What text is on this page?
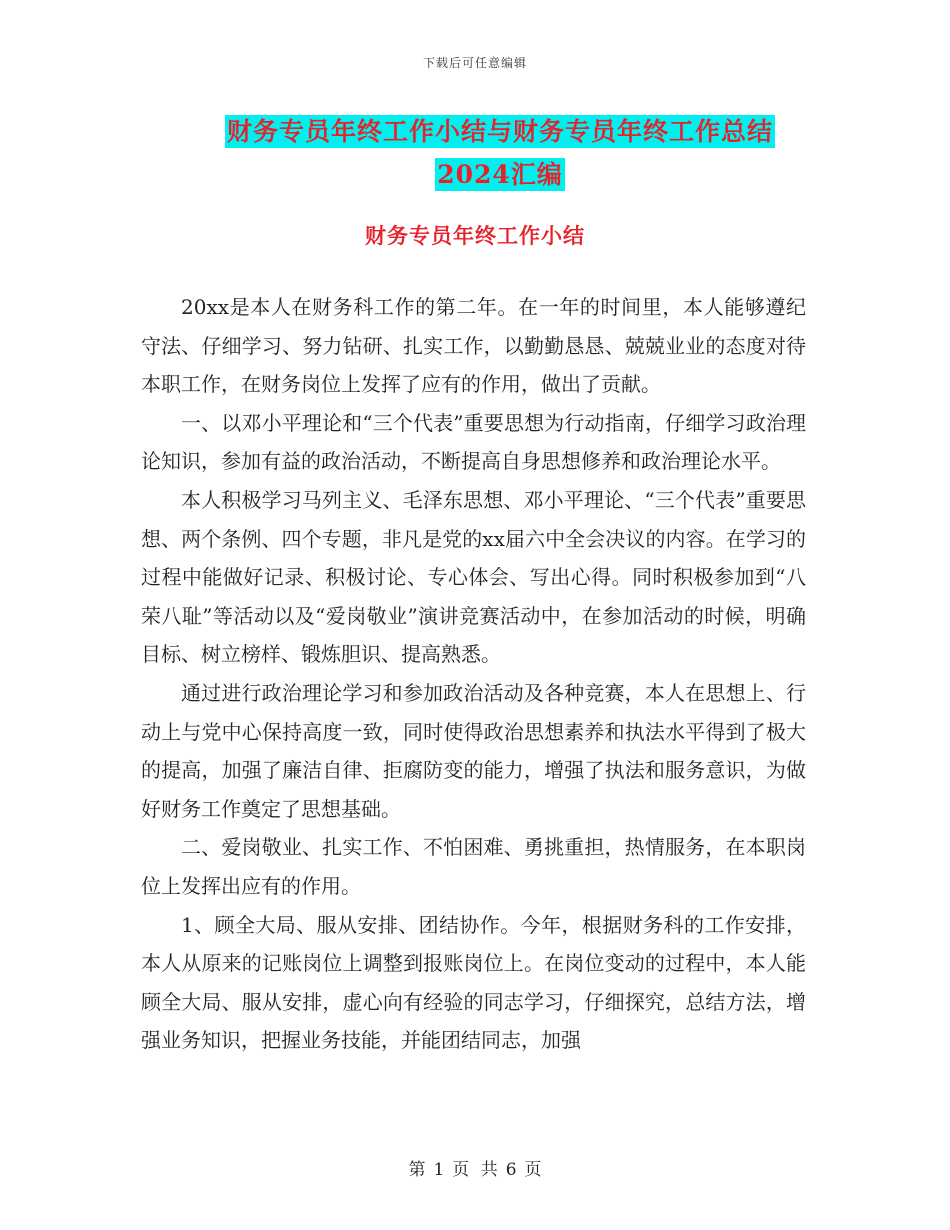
下载后可任意编辑
财务专员年终工作小结与财务专员年终工作总结2024汇编
财务专员年终工作小结

20xx是本人在财务科工作的第二年。在一年的时间里，本人能够遵纪守法、仔细学习、努力钻研、扎实工作，以勤勤恳恳、兢兢业业的态度对待本职工作，在财务岗位上发挥了应有的作用，做出了贡献。

一、以邓小平理论和“三个代表”重要思想为行动指南，仔细学习政治理论知识，参加有益的政治活动，不断提高自身思想修养和政治理论水平。

本人积极学习马列主义、毛泽东思想、邓小平理论、“三个代表”重要思想、两个条例、四个专题，非凡是党的xx届六中全会决议的内容。在学习的过程中能做好记录、积极讨论、专心体会、写出心得。同时积极参加到“八荣八耻”等活动以及“爱岗敬业”演讲竞赛活动中，在参加活动的时候，明确目标、树立榜样、锻炼胆识、提高熟悉。

通过进行政治理论学习和参加政治活动及各种竞赛，本人在思想上、行动上与党中心保持高度一致，同时使得政治思想素养和执法水平得到了极大的提高，加强了廉洁自律、拒腐防变的能力，增强了执法和服务意识，为做好财务工作奠定了思想基础。

二、爱岗敬业、扎实工作、不怕困难、勇挑重担，热情服务，在本职岗位上发挥出应有的作用。

1、顾全大局、服从安排、团结协作。今年，根据财务科的工作安排，本人从原来的记账岗位上调整到报账岗位上。在岗位变动的过程中，本人能顾全大局、服从安排，虚心向有经验的同志学习，仔细探究，总结方法，增强业务知识，把握业务技能，并能团结同志，加强

第 1 页 共 6 页
